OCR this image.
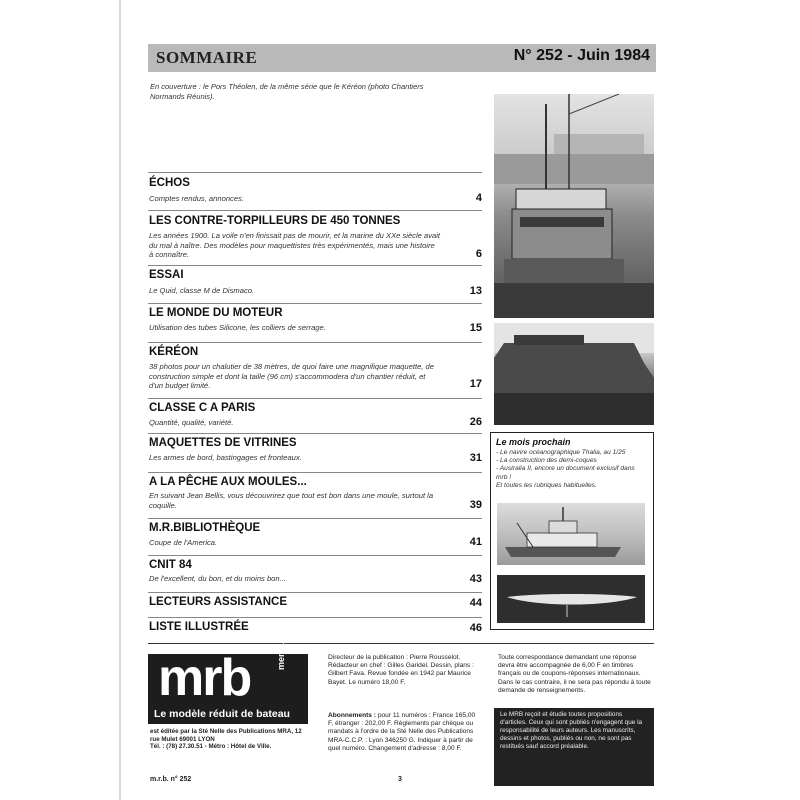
SOMMAIRE	N° 252 - Juin 1984
En couverture : le Pors Théolen, de la même série que le Kéréon (photo Chantiers Normands Réunis).
ÉCHOS
Comptes rendus, annonces.	4
LES CONTRE-TORPILLEURS DE 450 TONNES
Les années 1900. La voile n'en finissait pas de mourir, et la marine du XXe siècle avait du mal à naître. Des modèles pour maquettistes très expérimentés, mais une histoire à connaître.	6
ESSAI
Le Quid, classe M de Dismaco.	13
LE MONDE DU MOTEUR
Utilisation des tubes Silicone, les colliers de serrage.	15
KÉRÉON
38 photos pour un chalutier de 38 mètres, de quoi faire une magnifique maquette, de construction simple et dont la taille (96 cm) s'accommodera d'un chantier réduit, et d'un budget limité.	17
CLASSE C A PARIS
Quantité, qualité, variété.	26
MAQUETTES DE VITRINES
Les armes de bord, bastingages et fronteaux.	31
A LA PÊCHE AUX MOULES...
En suivant Jean Bellis, vous découvrirez que tout est bon dans une moule, surtout la coquille.	39
M.R.BIBLIOTHÈQUE
Coupe de l'America.	41
CNIT 84
De l'excellent, du bon, et du moins bon...	43
LECTEURS ASSISTANCE	44
LISTE ILLUSTRÉE	46
Le mois prochain
- Le navire océanographique Thalia, au 1/25
- La construction des demi-coques
- Australia II, encore un document exclusif dans mrb !
Et toutes les rubriques habituelles.
mrb	mensuel
Le modèle réduit de bateau
est éditée par la Sté Nelle des Publications MRA, 12 rue Mulet 69001 LYON
Tél. : (78) 27.30.51 - Métro : Hôtel de Ville.
Directeur de la publication : Pierre Rousselot. Rédacteur en chef : Gilles Garidel. Dessin, plans : Gilbert Fava. Revue fondée en 1942 par Maurice Bayet. Le numéro 18,00 F.
Abonnements : pour 11 numéros : France 165,00 F, étranger : 202,00 F. Règlements par chèque ou mandats à l'ordre de la Sté Nelle des Publications MRA-C.C.P. : Lyon 346250 G. Indiquer à partir de quel numéro. Changement d'adresse : 8,00 F.
Toute correspondance demandant une réponse devra être accompagnée de 6,00 F en timbres français ou de coupons-réponses internationaux. Dans le cas contraire, il ne sera pas répondu à toute demande de renseignements.
Le MRB reçoit et étudie toutes propositions d'articles. Ceux qui sont publiés n'engagent que la responsabilité de leurs auteurs. Les manuscrits, dessins et photos, publiés ou non, ne sont pas restitués sauf accord préalable.
m.r.b. n° 252	3
